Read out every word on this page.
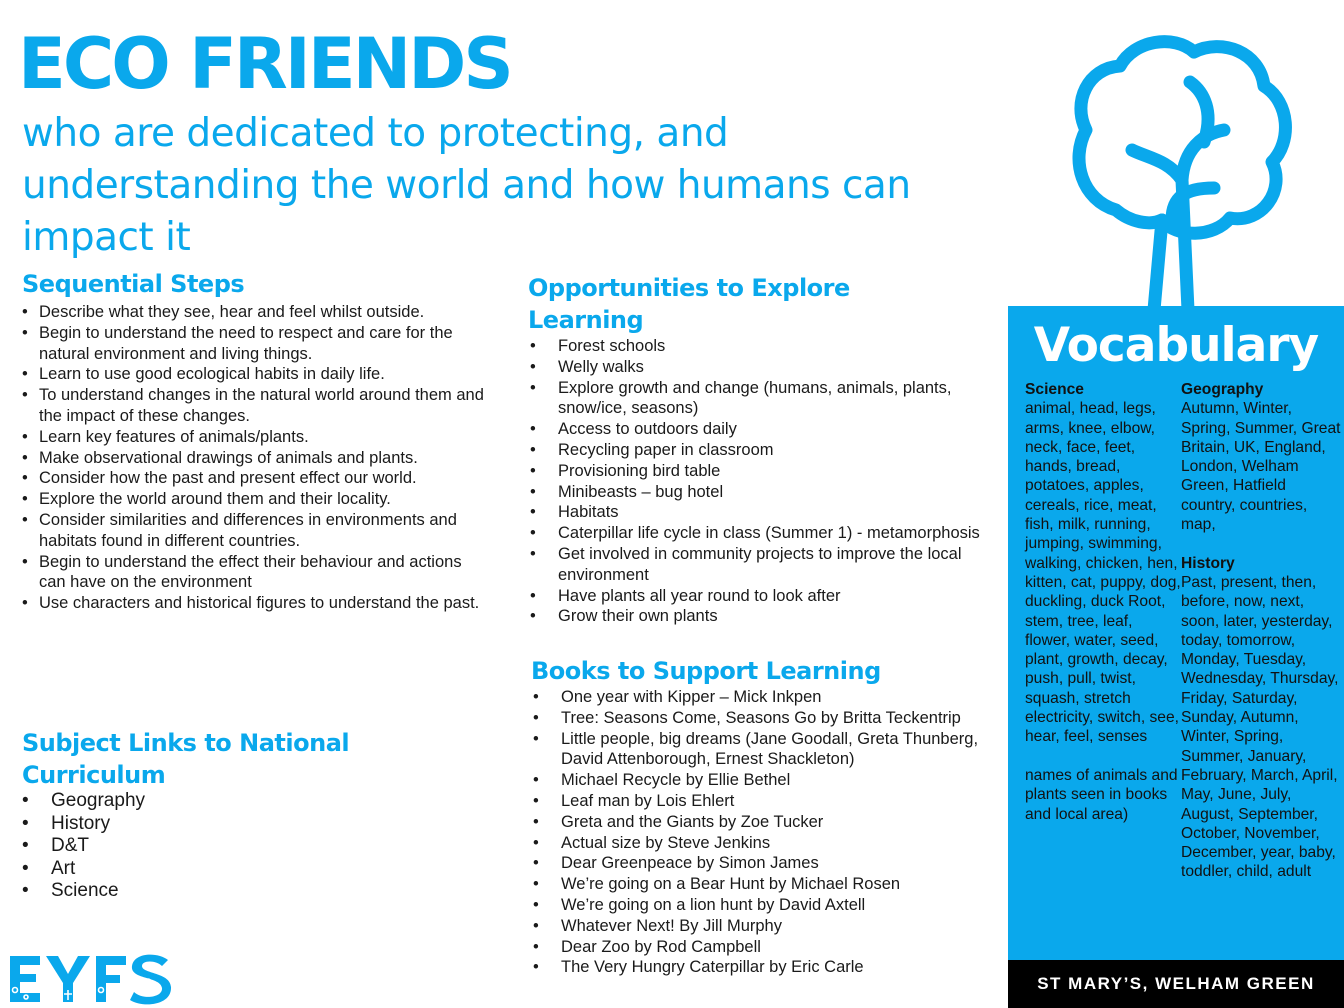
ECO FRIENDS
who are dedicated to protecting, and understanding the world and how humans can impact it
Sequential Steps
• Describe what they see, hear and feel whilst outside.
• Begin to understand the need to respect and care for the natural environment and living things.
• Learn to use good ecological habits in daily life.
• To understand changes in the natural world around them and the impact of these changes.
• Learn key features of animals/plants.
• Make observational drawings of animals and plants.
• Consider how the past and present effect our world.
• Explore the world around them and their locality.
• Consider similarities and differences in environments and habitats found in different countries.
• Begin to understand the effect their behaviour and actions can have on the environment
• Use characters and historical figures to understand the past.
Subject Links to National Curriculum
• Geography
• History
• D&T
• Art
• Science
Opportunities to Explore Learning
• Forest schools
• Welly walks
• Explore growth and change (humans, animals, plants, snow/ice, seasons)
• Access to outdoors daily
• Recycling paper in classroom
• Provisioning bird table
• Minibeasts – bug hotel
• Habitats
• Caterpillar life cycle in class (Summer 1) - metamorphosis
• Get involved in community projects to improve the local environment
• Have plants all year round to look after
• Grow their own plants
Books to Support Learning
• One year with Kipper – Mick Inkpen
• Tree: Seasons Come, Seasons Go by Britta Teckentrip
• Little people, big dreams (Jane Goodall, Greta Thunberg, David Attenborough, Ernest Shackleton)
• Michael Recycle by Ellie Bethel
• Leaf man by Lois Ehlert
• Greta and the Giants by Zoe Tucker
• Actual size by Steve Jenkins
• Dear Greenpeace by Simon James
• We’re going on a Bear Hunt by Michael Rosen
• We’re going on a lion hunt by David Axtell
• Whatever Next! By Jill Murphy
• Dear Zoo by Rod Campbell
• The Very Hungry Caterpillar by Eric Carle
Vocabulary
Science
animal, head, legs, arms, knee, elbow, neck, face, feet, hands, bread, potatoes, apples, cereals, rice, meat, fish, milk, running, jumping, swimming, walking, chicken, hen, kitten, cat, puppy, dog, duckling, duck Root, stem, tree, leaf, flower, water, seed, plant, growth, decay, push, pull, twist, squash, stretch electricity, switch, see, hear, feel, senses
names of animals and plants seen in books and local area)
Geography
Autumn, Winter, Spring, Summer, Great Britain, UK, England, London, Welham Green, Hatfield country, countries, map,
History
Past, present, then, before, now, next, soon, later, yesterday, today, tomorrow, Monday, Tuesday, Wednesday, Thursday, Friday, Saturday, Sunday, Autumn, Winter, Spring, Summer, January, February, March, April, May, June, July, August, September, October, November, December, year, baby, toddler, child, adult
ST MARY’S, WELHAM GREEN
